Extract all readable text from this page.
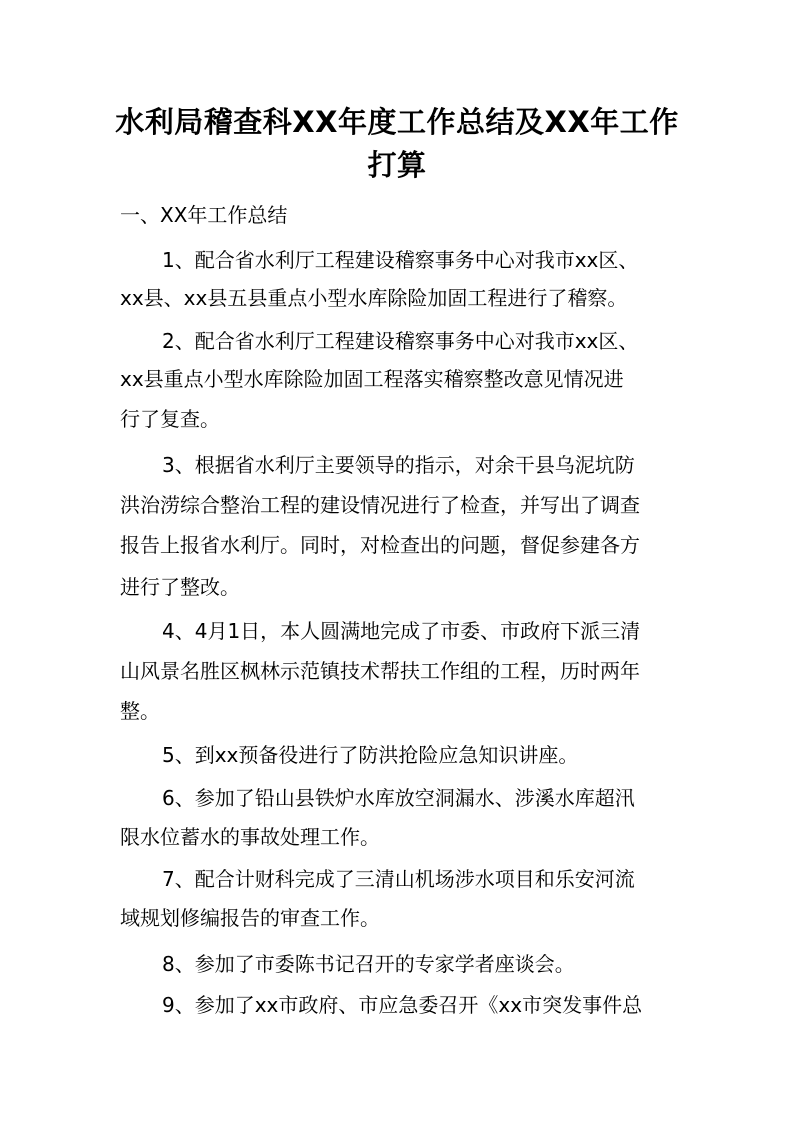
水利局稽查科XX年度工作总结及XX年工作
打算
一、XX年工作总结
1、配合省水利厅工程建设稽察事务中心对我市xx区、
xx县、xx县五县重点小型水库除险加固工程进行了稽察。
2、配合省水利厅工程建设稽察事务中心对我市xx区、
xx县重点小型水库除险加固工程落实稽察整改意见情况进
行了复查。
3、根据省水利厅主要领导的指示，对余干县乌泥坑防
洪治涝综合整治工程的建设情况进行了检查，并写出了调查
报告上报省水利厅。同时，对检查出的问题，督促参建各方
进行了整改。
4、4月1日，本人圆满地完成了市委、市政府下派三清
山风景名胜区枫林示范镇技术帮扶工作组的工程，历时两年
整。
5、到xx预备役进行了防洪抢险应急知识讲座。
6、参加了铅山县铁炉水库放空洞漏水、涉溪水库超汛
限水位蓄水的事故处理工作。
7、配合计财科完成了三清山机场涉水项目和乐安河流
域规划修编报告的审查工作。
8、参加了市委陈书记召开的专家学者座谈会。
9、参加了xx市政府、市应急委召开《xx市突发事件总
